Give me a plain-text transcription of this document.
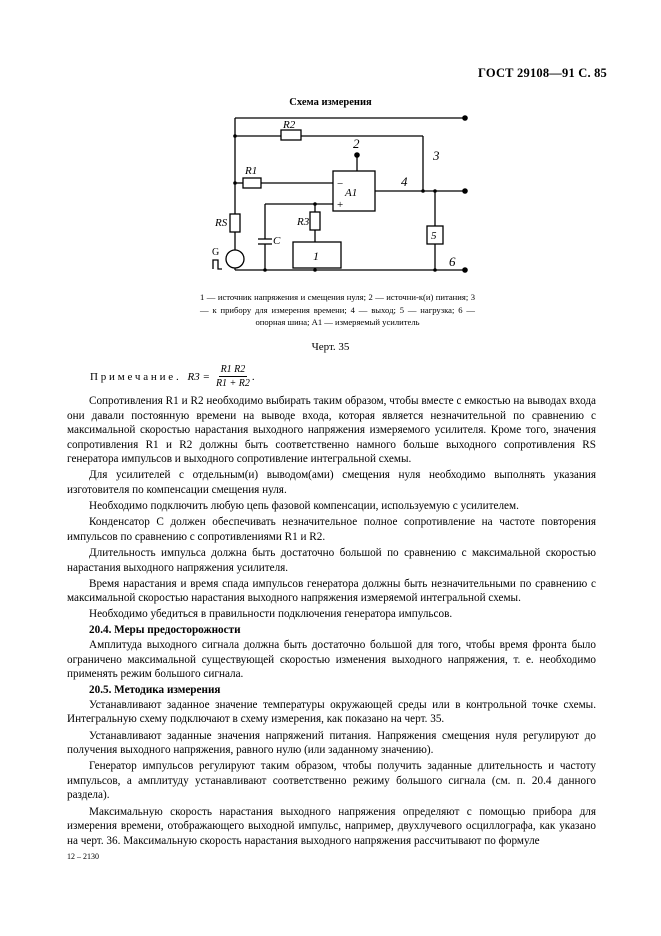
ГОСТ 29108—91 С. 85
Схема измерения
R2
R1
RS	R3
C
A1
2
3
4
5
6
1
G
−
+
1 — источник напряжения и смещения нуля; 2 — источни-к(и) питания; 3 — к прибору для измерения времени; 4 — выход; 5 — нагрузка; 6 — опорная шина; A1 — измеряемый усилитель
Черт. 35
Примечание. $R3 = \frac{R1 R2}{R1 + R2}$ .

Сопротивления R1 и R2 необходимо выбирать таким образом, чтобы вместе с емкостью на выводах входа они давали постоянную времени на выводе входа, которая является незначительной по сравнению с максимальной скоростью нарастания выходного напряжения измеряемого усилителя. Кроме того, значения сопротивления R1 и R2 должны быть соответственно намного больше выходного сопротивления RS генератора импульсов и выходного сопротивление интегральной схемы.

Для усилителей с отдельным(и) выводом(ами) смещения нуля необходимо выполнять указания изготовителя по компенсации смещения нуля.

Необходимо подключить любую цепь фазовой компенсации, используемую с усилителем.

Конденсатор C должен обеспечивать незначительное полное сопротивление на частоте повторения импульсов по сравнению с сопротивлениями R1 и R2.

Длительность импульса должна быть достаточно большой по сравнению с максимальной скоростью нарастания выходного напряжения усилителя.

Время нарастания и время спада импульсов генератора должны быть незначительными по сравнению с максимальной скоростью нарастания выходного напряжения измеряемой интегральной схемы.

Необходимо убедиться в правильности подключения генератора импульсов.

20.4. Меры предосторожности

Амплитуда выходного сигнала должна быть достаточно большой для того, чтобы время фронта было ограничено максимальной существующей скоростью изменения выходного напряжения, т. е. необходимо применять режим большого сигнала.

20.5. Методика измерения

Устанавливают заданное значение температуры окружающей среды или в контрольной точке схемы. Интегральную схему подключают в схему измерения, как показано на черт. 35.

Устанавливают заданные значения напряжений питания. Напряжения смещения нуля регулируют до получения выходного напряжения, равного нулю (или заданному значению).

Генератор импульсов регулируют таким образом, чтобы получить заданные длительность и частоту импульсов, а амплитуду устанавливают соответственно режиму большого сигнала (см. п. 20.4 данного раздела).

Максимальную скорость нарастания выходного напряжения определяют с помощью прибора для измерения времени, отображающего выходной импульс, например, двухлучевого осциллографа, как указано на черт. 36. Максимальную скорость нарастания выходного напряжения рассчитывают по формуле

12 – 2130
